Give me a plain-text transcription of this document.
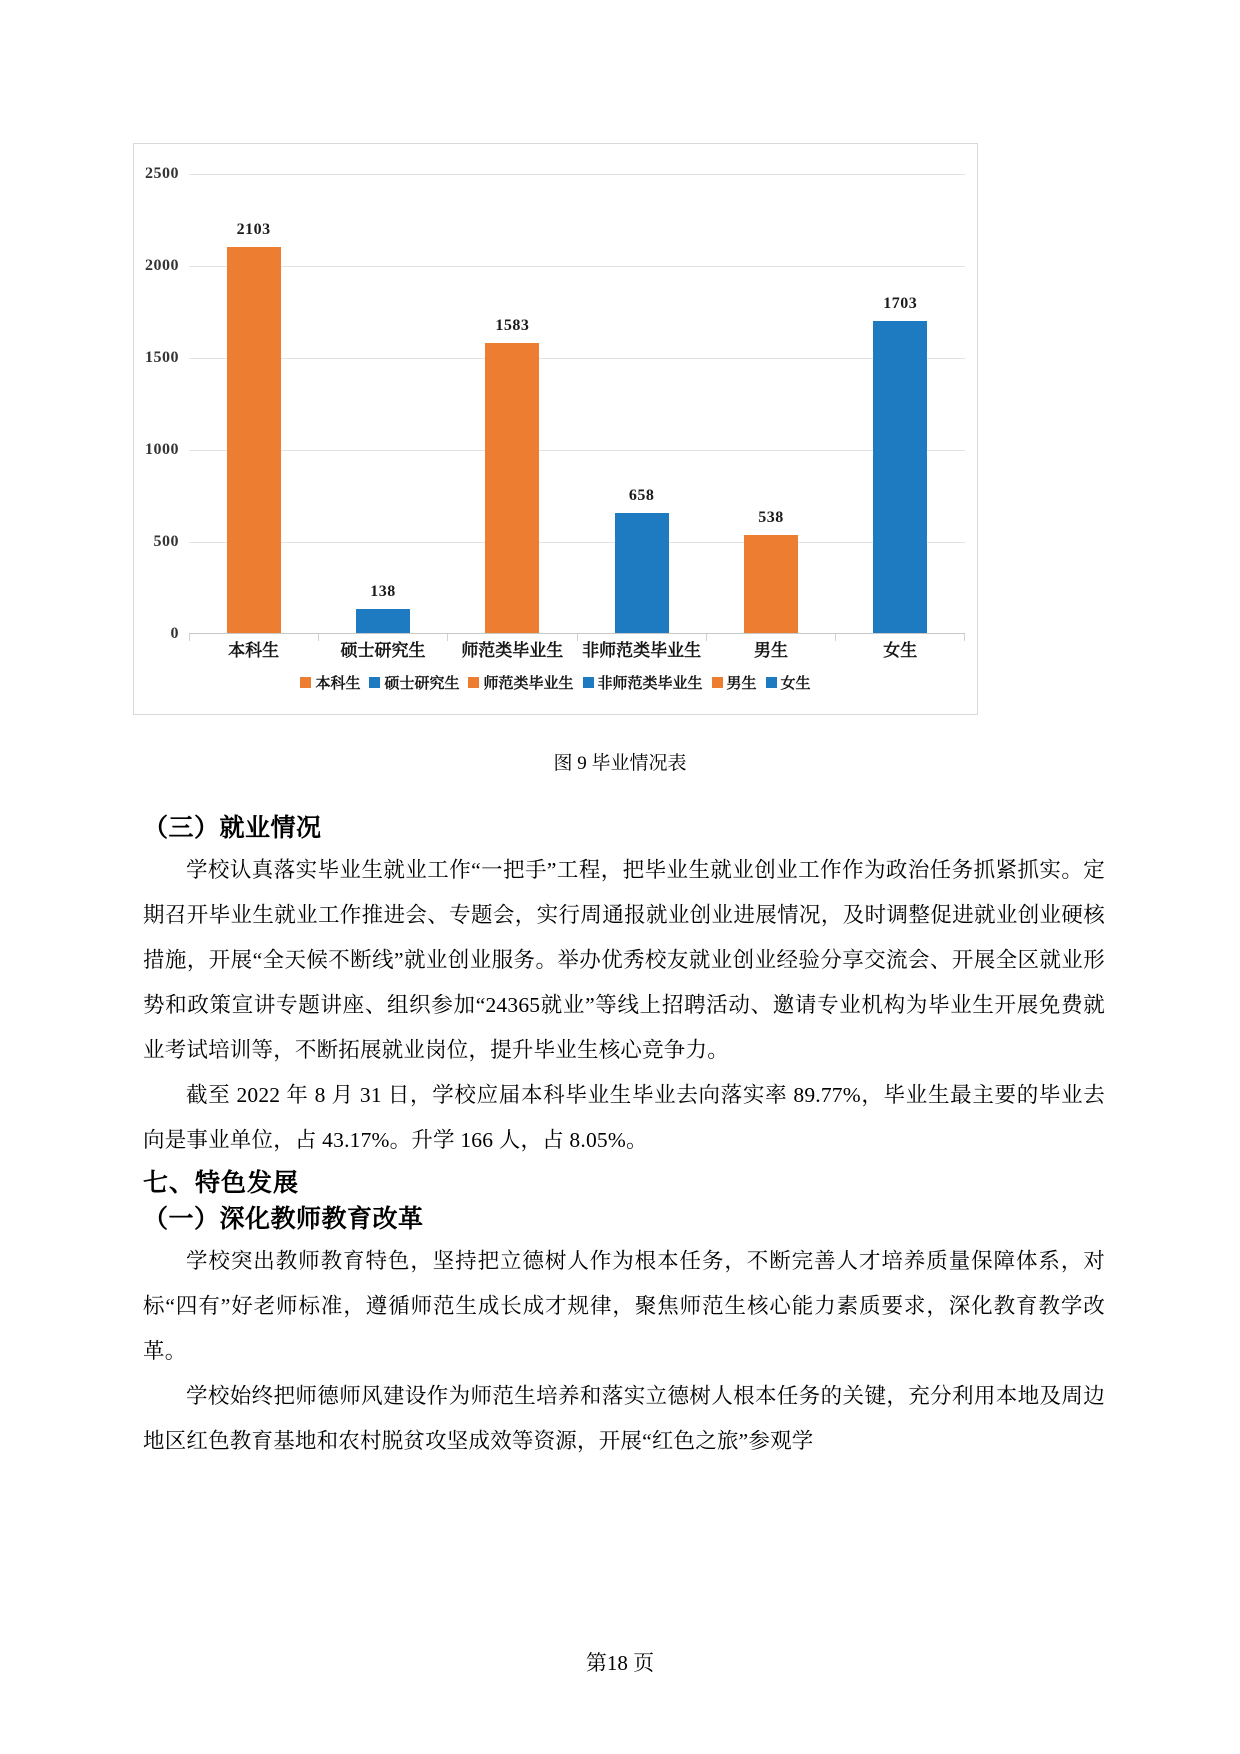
0
500
1000
1500
2000
2500
2103
138
1583
658
538
1703
本科生	硕士研究生	师范类毕业生	非师范类毕业生	男生	女生
本科生 硕士研究生 师范类毕业生 非师范类毕业生 男生 女生
图 9 毕业情况表
（三）就业情况

学校认真落实毕业生就业工作“一把手”工程，把毕业生就业创业工作作为政治任务抓紧抓实。定期召开毕业生就业工作推进会、专题会，实行周通报就业创业进展情况，及时调整促进就业创业硬核措施，开展“全天候不断线”就业创业服务。举办优秀校友就业创业经验分享交流会、开展全区就业形势和政策宣讲专题讲座、组织参加“24365就业”等线上招聘活动、邀请专业机构为毕业生开展免费就业考试培训等，不断拓展就业岗位，提升毕业生核心竞争力。

截至 2022 年 8 月 31 日，学校应届本科毕业生毕业去向落实率 89.77%，毕业生最主要的毕业去向是事业单位，占 43.17%。升学 166 人，占 8.05%。

七、特色发展
（一）深化教师教育改革

学校突出教师教育特色，坚持把立德树人作为根本任务，不断完善人才培养质量保障体系，对标“四有”好老师标准，遵循师范生成长成才规律，聚焦师范生核心能力素质要求，深化教育教学改革。

学校始终把师德师风建设作为师范生培养和落实立德树人根本任务的关键，充分利用本地及周边地区红色教育基地和农村脱贫攻坚成效等资源，开展“红色之旅”参观学

第18 页
